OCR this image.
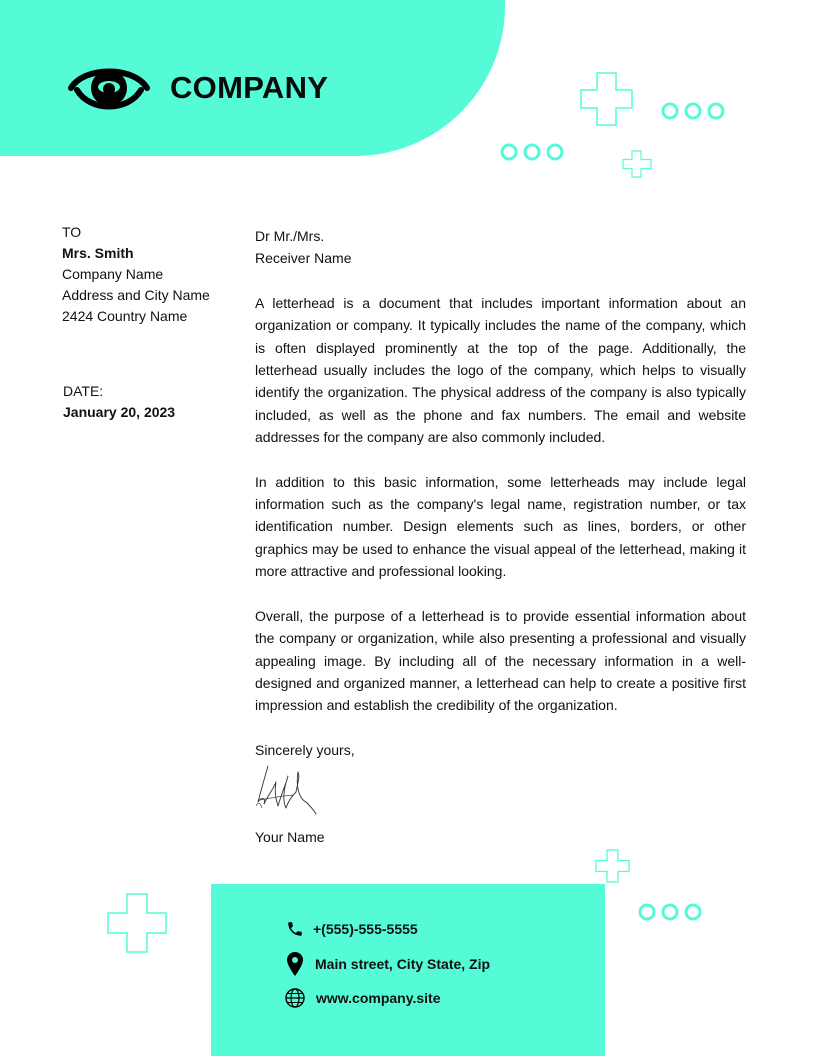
COMPANY
TO
Mrs. Smith
Company Name
Address and City Name
2424 Country Name
DATE:
January 20, 2023

Dr Mr./Mrs.

Receiver Name

A letterhead is a document that includes important information about an organization or company. It typically includes the name of the company, which is often displayed prominently at the top of the page. Additionally, the letterhead usually includes the logo of the company, which helps to visually identify the organization. The physical address of the company is also typically included, as well as the phone and fax numbers. The email and website addresses for the company are also commonly included.

In addition to this basic information, some letterheads may include legal information such as the company's legal name, registration number, or tax identification number. Design elements such as lines, borders, or other graphics may be used to enhance the visual appeal of the letterhead, making it more attractive and professional looking.

Overall, the purpose of a letterhead is to provide essential information about the company or organization, while also presenting a professional and visually appealing image. By including all of the necessary information in a well-designed and organized manner, a letterhead can help to create a positive first impression and establish the credibility of the organization.

Sincerely yours,

Your Name
+(555)-555-5555
Main street, City State, Zip
www.company.site
